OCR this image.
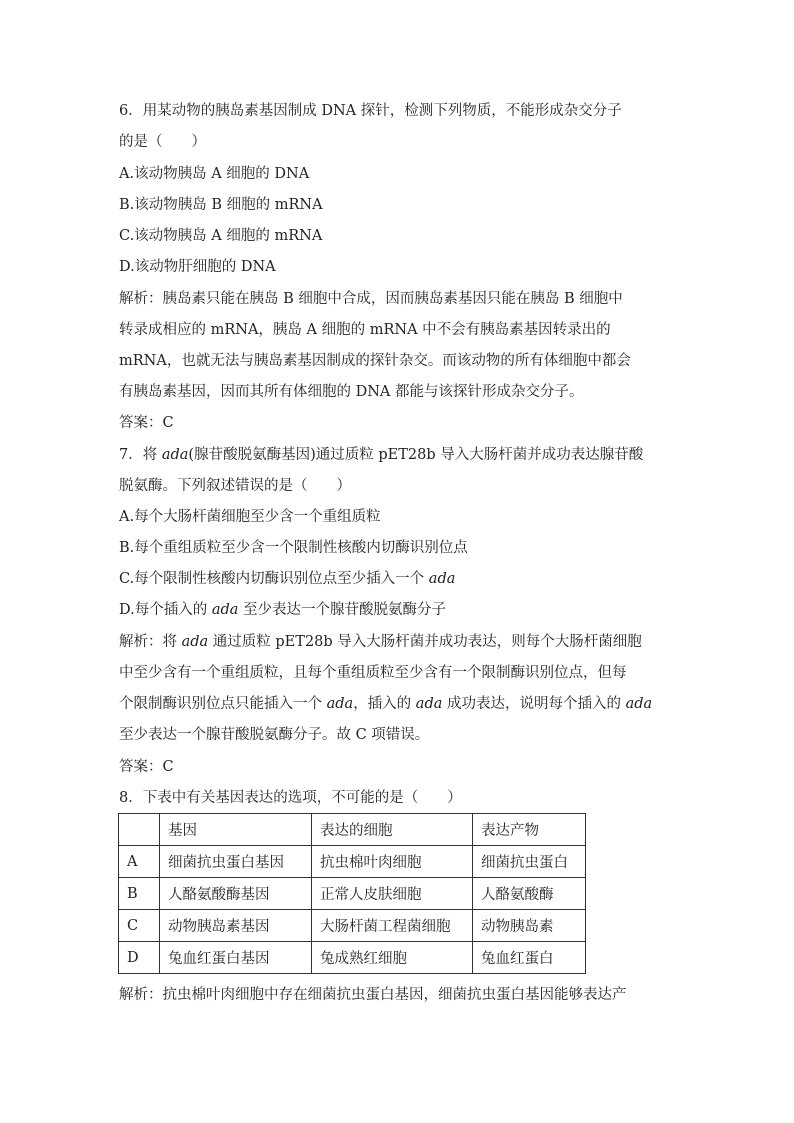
6．用某动物的胰岛素基因制成 DNA 探针，检测下列物质，不能形成杂交分子
的是（　　）
A.该动物胰岛 A 细胞的 DNA
B.该动物胰岛 B 细胞的 mRNA
C.该动物胰岛 A 细胞的 mRNA
D.该动物肝细胞的 DNA
解析：胰岛素只能在胰岛 B 细胞中合成，因而胰岛素基因只能在胰岛 B 细胞中
转录成相应的 mRNA，胰岛 A 细胞的 mRNA 中不会有胰岛素基因转录出的
mRNA，也就无法与胰岛素基因制成的探针杂交。而该动物的所有体细胞中都会
有胰岛素基因，因而其所有体细胞的 DNA 都能与该探针形成杂交分子。
答案：C
7．将 ada(腺苷酸脱氨酶基因)通过质粒 pET28b 导入大肠杆菌并成功表达腺苷酸
脱氨酶。下列叙述错误的是（　　）
A.每个大肠杆菌细胞至少含一个重组质粒
B.每个重组质粒至少含一个限制性核酸内切酶识别位点
C.每个限制性核酸内切酶识别位点至少插入一个 ada
D.每个插入的 ada 至少表达一个腺苷酸脱氨酶分子
解析：将 ada 通过质粒 pET28b 导入大肠杆菌并成功表达，则每个大肠杆菌细胞
中至少含有一个重组质粒，且每个重组质粒至少含有一个限制酶识别位点，但每
个限制酶识别位点只能插入一个 ada，插入的 ada 成功表达，说明每个插入的 ada
至少表达一个腺苷酸脱氨酶分子。故 C 项错误。
答案：C
8．下表中有关基因表达的选项，不可能的是（　　）
	基因	表达的细胞	表达产物
A	细菌抗虫蛋白基因	抗虫棉叶肉细胞	细菌抗虫蛋白
B	人酪氨酸酶基因	正常人皮肤细胞	人酪氨酸酶
C	动物胰岛素基因	大肠杆菌工程菌细胞	动物胰岛素
D	兔血红蛋白基因	兔成熟红细胞	兔血红蛋白
解析：抗虫棉叶肉细胞中存在细菌抗虫蛋白基因，细菌抗虫蛋白基因能够表达产
